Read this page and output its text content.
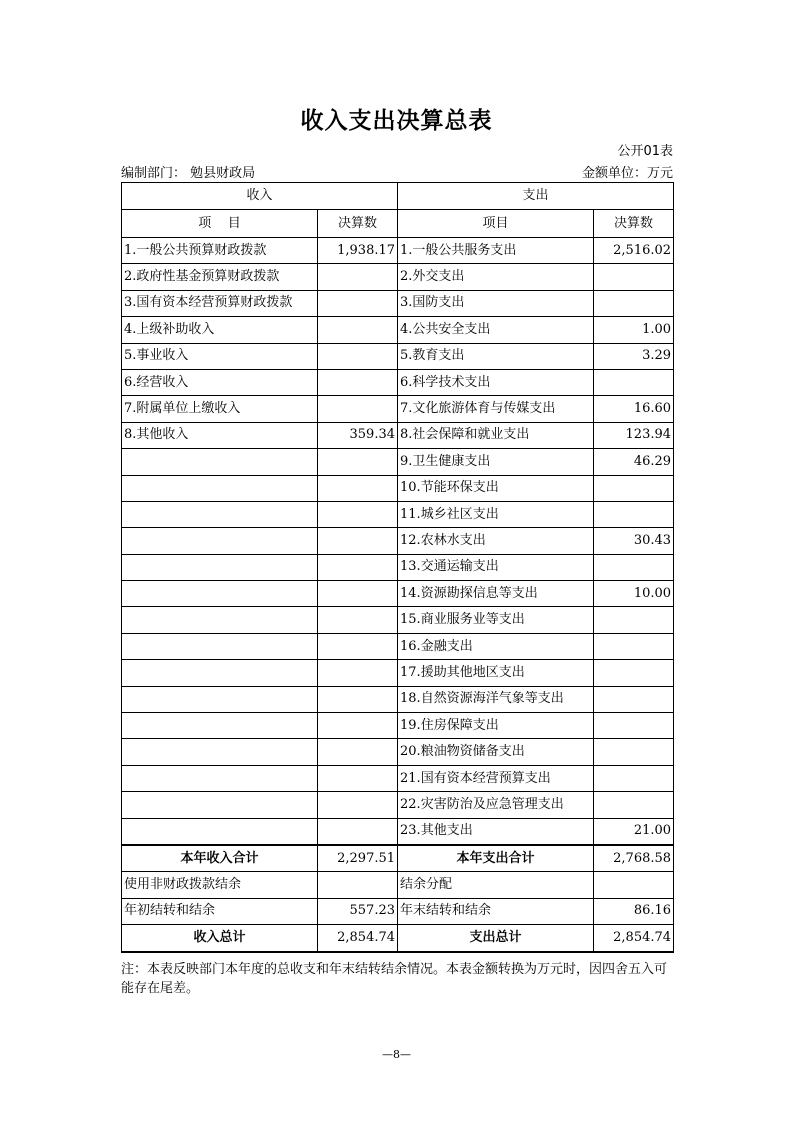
收入支出决算总表
公开01表
编制部门： 勉县财政局	金额单位：万元
收入		支出	
项    目	决算数	项目	决算数
1.一般公共预算财政拨款	1,938.17	1.一般公共服务支出	2,516.02
2.政府性基金预算财政拨款		2.外交支出	
3.国有资本经营预算财政拨款		3.国防支出	
4.上级补助收入		4.公共安全支出	1.00
5.事业收入		5.教育支出	3.29
6.经营收入		6.科学技术支出	
7.附属单位上缴收入		7.文化旅游体育与传媒支出	16.60
8.其他收入	359.34	8.社会保障和就业支出	123.94
		9.卫生健康支出	46.29
		10.节能环保支出	
		11.城乡社区支出	
		12.农林水支出	30.43
		13.交通运输支出	
		14.资源勘探信息等支出	10.00
		15.商业服务业等支出	
		16.金融支出	
		17.援助其他地区支出	
		18.自然资源海洋气象等支出	
		19.住房保障支出	
		20.粮油物资储备支出	
		21.国有资本经营预算支出	
		22.灾害防治及应急管理支出	
		23.其他支出	21.00
本年收入合计	2,297.51	本年支出合计	2,768.58
使用非财政拨款结余		结余分配	
年初结转和结余	557.23	年末结转和结余	86.16
收入总计	2,854.74	支出总计	2,854.74
注：本表反映部门本年度的总收支和年末结转结余情况。本表金额转换为万元时，因四舍五入可能存在尾差。
—8—
